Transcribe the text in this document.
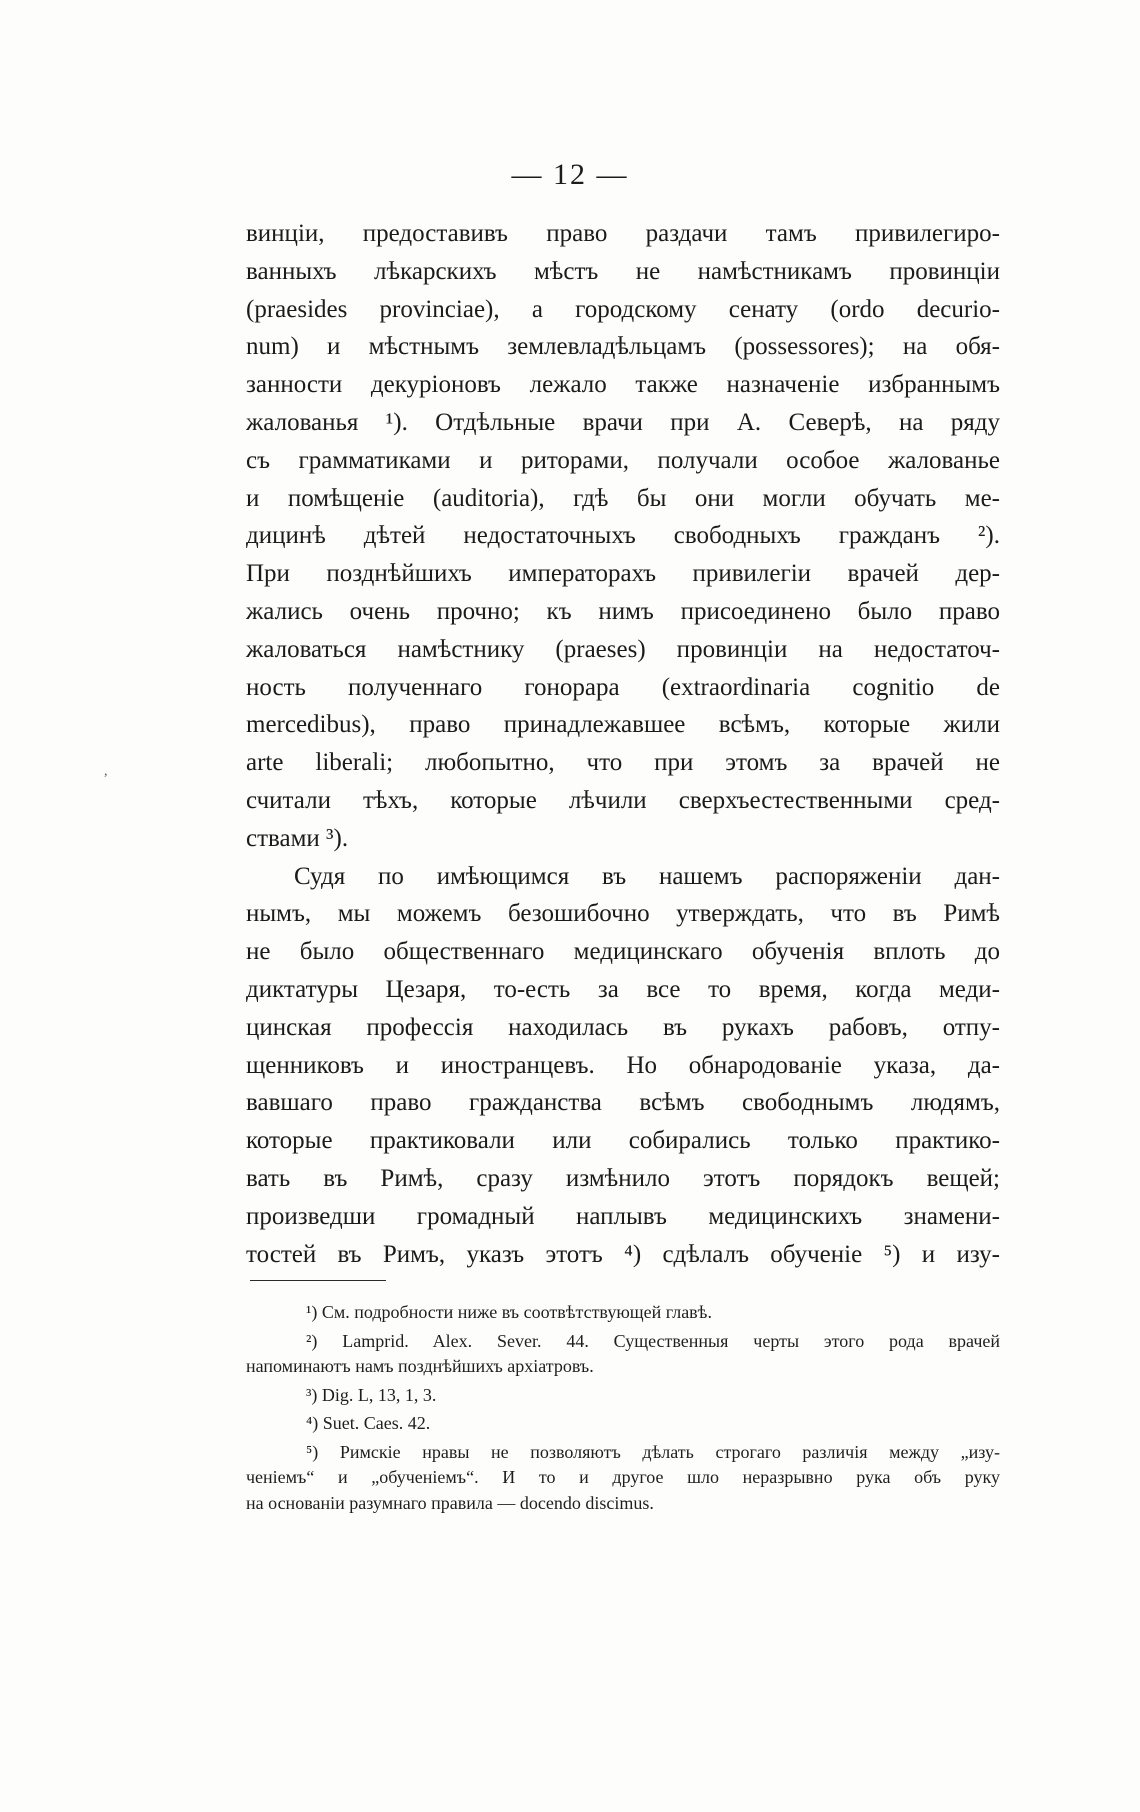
— 12 —
,
винціи, предоставивъ право раздачи тамъ привилегиро-
ванныхъ лѣкарскихъ мѣстъ не намѣстникамъ провинціи
(praesides provinciae), а городскому сенату (ordo decurio-
num) и мѣстнымъ землевладѣльцамъ (possessores); на обя-
занности декуріоновъ лежало также назначеніе избраннымъ
жалованья ¹). Отдѣльные врачи при А. Северѣ, на ряду
съ грамматиками и риторами, получали особое жалованье
и помѣщеніе (auditoria), гдѣ бы они могли обучать ме-
дицинѣ дѣтей недостаточныхъ свободныхъ гражданъ ²).
При позднѣйшихъ императорахъ привилегіи врачей дер-
жались очень прочно; къ нимъ присоединено было право
жаловаться намѣстнику (praeses) провинціи на недостаточ-
ность полученнаго гонорара (extraordinaria cognitio de
mercedibus), право принадлежавшее всѣмъ, которые жили
arte liberali; любопытно, что при этомъ за врачей не
считали тѣхъ, которые лѣчили сверхъестественными сред-
ствами ³).
Судя по имѣющимся въ нашемъ распоряженіи дан-
нымъ, мы можемъ безошибочно утверждать, что въ Римѣ
не было общественнаго медицинскаго обученія вплоть до
диктатуры Цезаря, то-есть за все то время, когда меди-
цинская профессія находилась въ рукахъ рабовъ, отпу-
щенниковъ и иностранцевъ. Но обнародованіе указа, да-
вавшаго право гражданства всѣмъ свободнымъ людямъ,
которые практиковали или собирались только практико-
вать въ Римѣ, сразу измѣнило этотъ порядокъ вещей;
произведши громадный наплывъ медицинскихъ знамени-
тостей въ Римъ, указъ этотъ ⁴) сдѣлалъ обученіе ⁵) и изу-
¹) См. подробности ниже въ соотвѣтствующей главѣ.
²) Lamprid. Alex. Sever. 44. Существенныя черты этого рода врачей
напоминаютъ намъ позднѣйшихъ архіатровъ.
³) Dig. L, 13, 1, 3.
⁴) Suet. Caes. 42.
⁵) Римскіе нравы не позволяютъ дѣлать строгаго различія между „изу-
ченіемъ“ и „обученіемъ“. И то и другое шло неразрывно рука объ руку
на основаніи разумнаго правила — docendo discimus.
